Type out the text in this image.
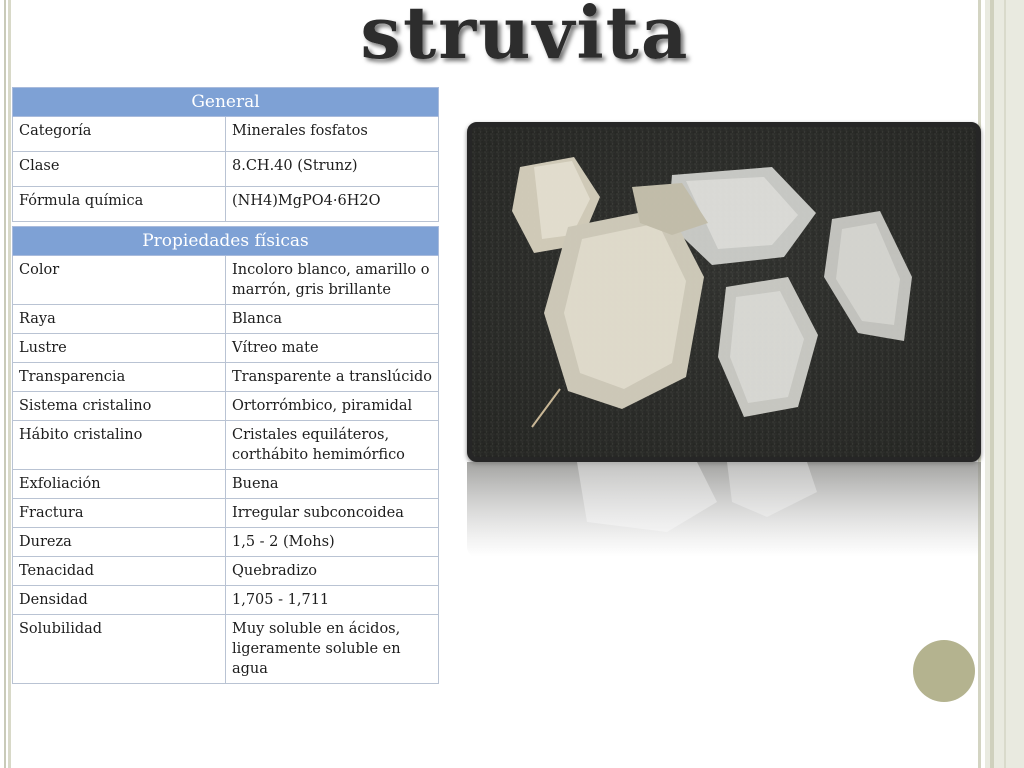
struvita
General	
Categoría	Minerales fosfatos
Clase	8.CH.40 (Strunz)
Fórmula química	(NH4)MgPO4·6H2O

Propiedades físicas	
Color	Incoloro blanco, amarillo o marrón, gris brillante
Raya	Blanca
Lustre	Vítreo mate
Transparencia	Transparente a translúcido
Sistema cristalino	Ortorrómbico, piramidal
Hábito cristalino	Cristales equiláteros, corthábito hemimórfico
Exfoliación	Buena
Fractura	Irregular subconcoidea
Dureza	1,5 - 2 (Mohs)
Tenacidad	Quebradizo
Densidad	1,705 - 1,711
Solubilidad	Muy soluble en ácidos, ligeramente soluble en agua
